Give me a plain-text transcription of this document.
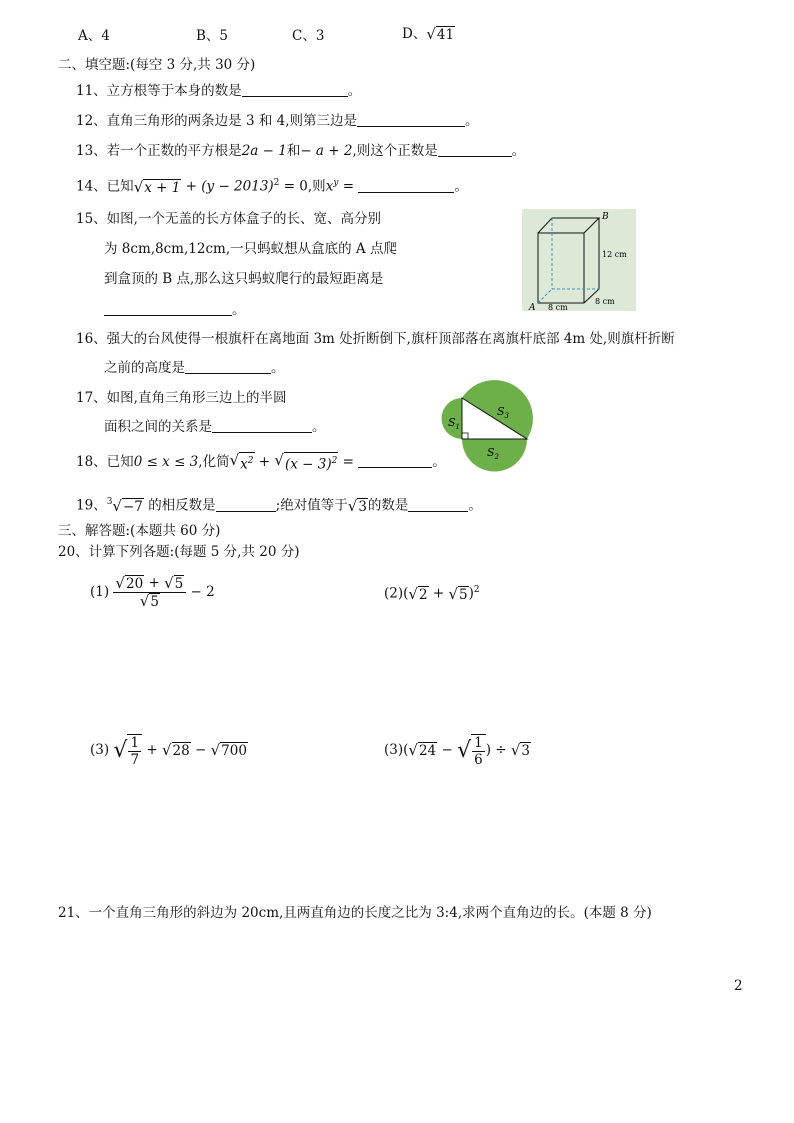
A、4	B、5	C、3	D、 √ 41
二、填空题:(每空 3 分,共 30 分)
11、立方根等于本身的数是	。
12、直角三角形的两条边是 3 和 4,则第三边是	。
13、若一个正数的平方根是2a − 1和− a + 2,则这个正数是	。
14、已知 √ $x + 1 + (y - 2013)^2 = 0$,则$x^y$ =	。
15、如图,一个无盖的长方体盒子的长、宽、高分别
为 8cm,8cm,12cm,一只蚂蚁想从盒底的 A 点爬
到盒顶的 B 点,那么这只蚂蚁爬行的最短距离是
。
B
A
12 cm
8 cm
8 cm
16、强大的台风使得一根旗杆在离地面 3m 处折断倒下,旗杆顶部落在离旗杆底部 4m 处,则旗杆折断
之前的高度是	。
17、如图,直角三角形三边上的半圆
面积之间的关系是	。	$S_1$
$S_3$
$S_2$
18、已知0 ≤ x ≤ 3,化简 √ $x^2$ + √ $(x - 3)^2$ =	。
19、$^3$ √ −7 的相反数是	;绝对值等于 √ 3 的数是	。
三、解答题:(本题共 60 分)
20、计算下列各题:(每题 5 分,共 20 分)
$(1) \frac{√ 20 + √ 5}{√ 5} - 2$	(2)( √ 2 + √ 5 )$^2$
(3) √ $\frac{1}{7}$ + √ 28 − √ 700	(3)( √ 24 − √ $\frac{1}{6}$ ) ÷ √ 3
21、一个直角三角形的斜边为 20cm,且两直角边的长度之比为 3:4,求两个直角边的长。(本题 8 分)
2
